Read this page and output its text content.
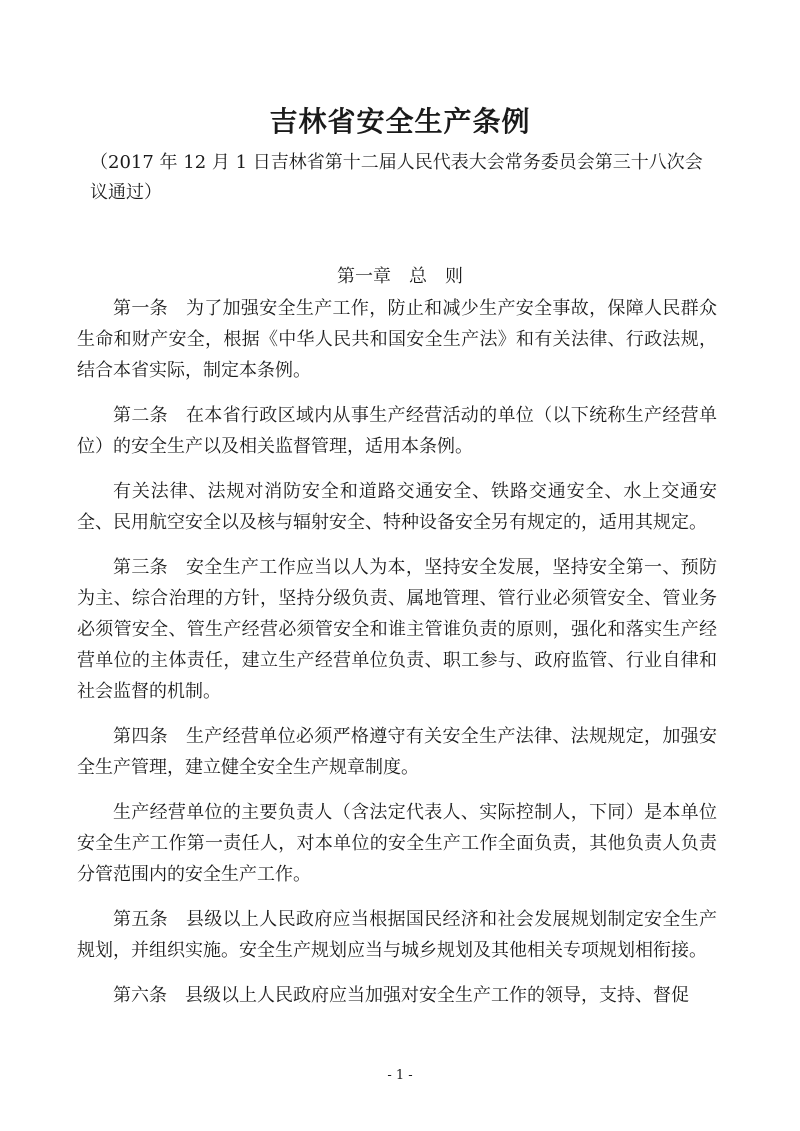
吉林省安全生产条例
（2017 年 12 月 1 日吉林省第十二届人民代表大会常务委员会第三十八次会议通过）
第一章　总　则

第一条 为了加强安全生产工作，防止和减少生产安全事故，保障人民群众生命和财产安全，根据《中华人民共和国安全生产法》和有关法律、行政法规，结合本省实际，制定本条例。

第二条 在本省行政区域内从事生产经营活动的单位（以下统称生产经营单位）的安全生产以及相关监督管理，适用本条例。

有关法律、法规对消防安全和道路交通安全、铁路交通安全、水上交通安全、民用航空安全以及核与辐射安全、特种设备安全另有规定的，适用其规定。

第三条 安全生产工作应当以人为本，坚持安全发展，坚持安全第一、预防为主、综合治理的方针，坚持分级负责、属地管理、管行业必须管安全、管业务必须管安全、管生产经营必须管安全和谁主管谁负责的原则，强化和落实生产经营单位的主体责任，建立生产经营单位负责、职工参与、政府监管、行业自律和社会监督的机制。

第四条 生产经营单位必须严格遵守有关安全生产法律、法规规定，加强安全生产管理，建立健全安全生产规章制度。

生产经营单位的主要负责人（含法定代表人、实际控制人，下同）是本单位安全生产工作第一责任人，对本单位的安全生产工作全面负责，其他负责人负责分管范围内的安全生产工作。

第五条 县级以上人民政府应当根据国民经济和社会发展规划制定安全生产规划，并组织实施。安全生产规划应当与城乡规划及其他相关专项规划相衔接。

第六条 县级以上人民政府应当加强对安全生产工作的领导，支持、督促

- 1 -
